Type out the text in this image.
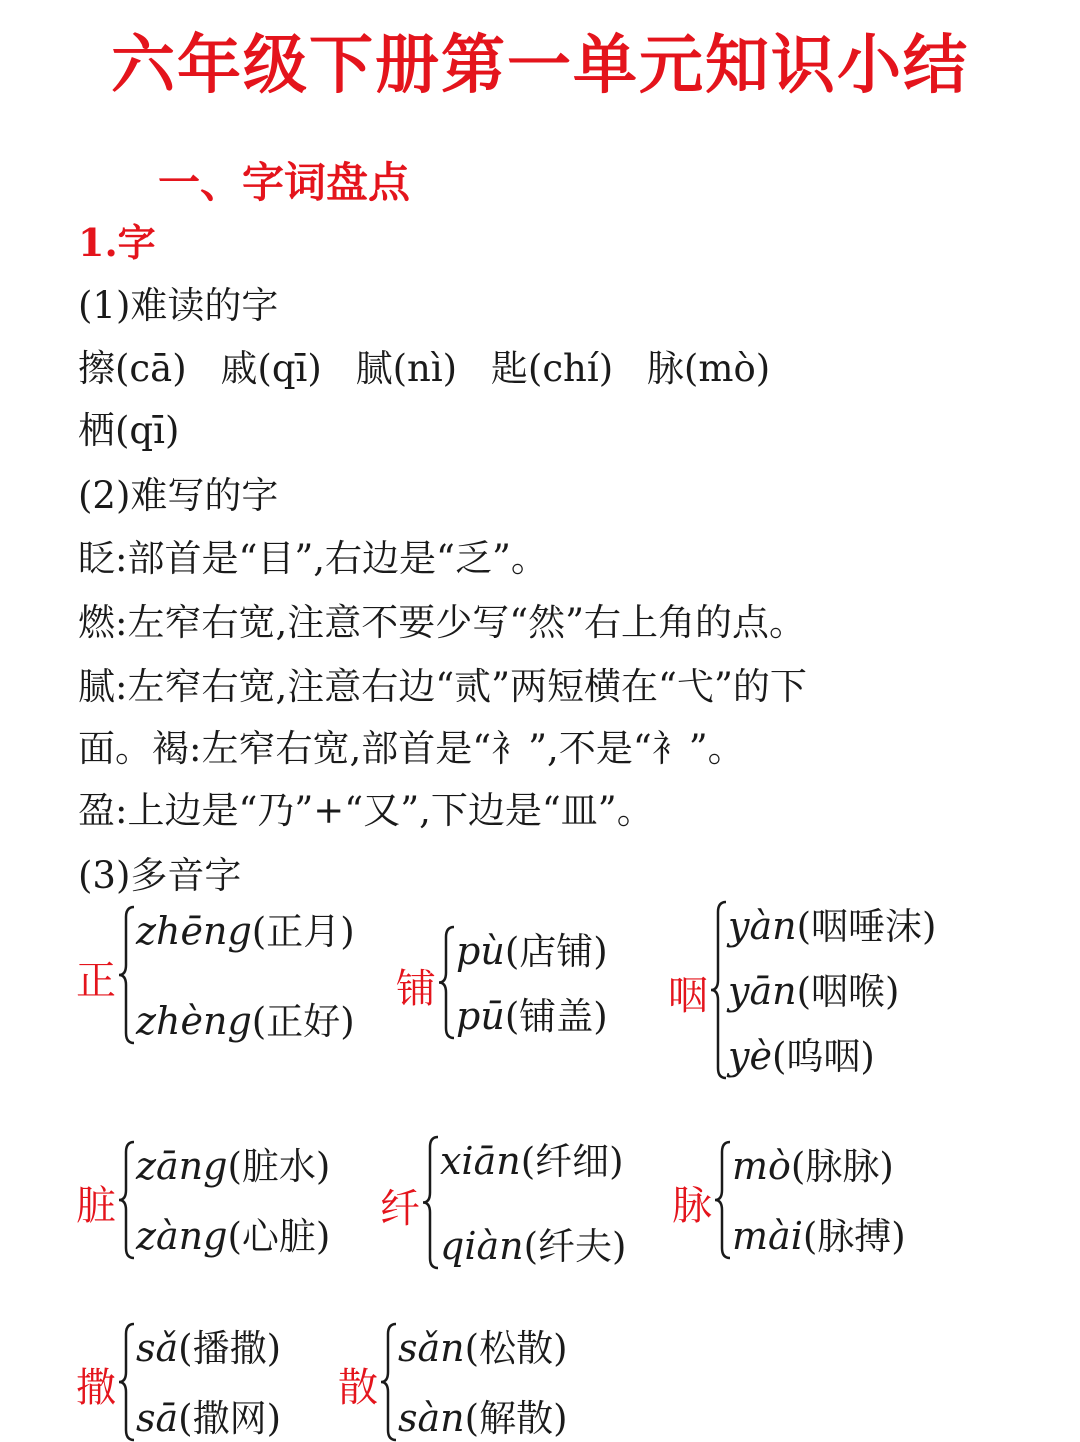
六年级下册第一单元知识小结
一、字词盘点
1.字
(1)难读的字
擦(cā) 戚(qī) 腻(nì) 匙(chí) 脉(mò)
栖(qī)
(2)难写的字
眨:部首是“目”,右边是“乏”。
燃:左窄右宽,注意不要少写“然”右上角的点。
腻:左窄右宽,注意右边“贰”两短横在“弋”的下
面。褐:左窄右宽,部首是“衤”,不是“衤”。
盈:上边是“乃”+“又”,下边是“皿”。
(3)多音字
正
zhēng(正月)
zhèng(正好)
铺
pù(店铺)
pū(铺盖) 咽
yàn(咽唾沫)
yān(咽喉)
yè(呜咽)
脏
zāng(脏水)
zàng(心脏)
纤
xiān(纤细)
qiàn(纤夫)
脉
mò(脉脉)
mài(脉搏)
撒
sǎ(播撒)
sā(撒网)
散
sǎn(松散)
sàn(解散)
